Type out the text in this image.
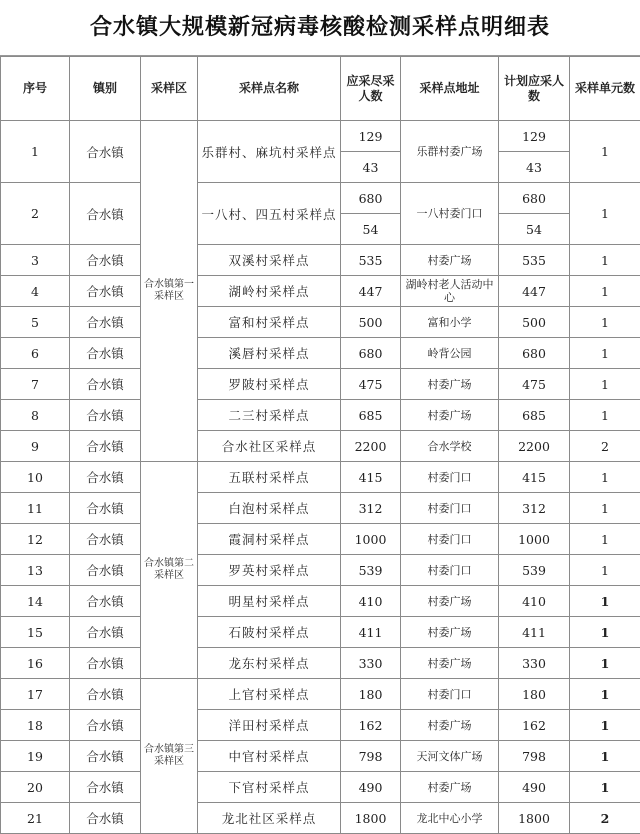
合水镇大规模新冠病毒核酸检测采样点明细表
序号	镇别	采样区	采样点名称	应采尽采人数	采样点地址	计划应采人数	采样单元数
1	合水镇	合水镇第一采样区	乐群村、麻坑村采样点	129	乐群村委广场	129	1
				43		43	
2	合水镇		一八村、四五村采样点	680	一八村委门口	680	1
				54		54	
3	合水镇		双溪村采样点	535	村委广场	535	1
4	合水镇		湖岭村采样点	447	湖岭村老人活动中心	447	1
5	合水镇		富和村采样点	500	富和小学	500	1
6	合水镇		溪唇村采样点	680	岭背公园	680	1
7	合水镇		罗陂村采样点	475	村委广场	475	1
8	合水镇		二三村采样点	685	村委广场	685	1
9	合水镇		合水社区采样点	2200	合水学校	2200	2
10	合水镇	合水镇第二采样区	五联村采样点	415	村委门口	415	1
11	合水镇		白泡村采样点	312	村委门口	312	1
12	合水镇		霞洞村采样点	1000	村委门口	1000	1
13	合水镇		罗英村采样点	539	村委门口	539	1
14	合水镇		明星村采样点	410	村委广场	410	1
15	合水镇		石陂村采样点	411	村委广场	411	1
16	合水镇		龙东村采样点	330	村委广场	330	1
17	合水镇	合水镇第三采样区	上官村采样点	180	村委门口	180	1
18	合水镇		洋田村采样点	162	村委广场	162	1
19	合水镇		中官村采样点	798	天河文体广场	798	1
20	合水镇		下官村采样点	490	村委广场	490	1
21	合水镇		龙北社区采样点	1800	龙北中心小学	1800	2
